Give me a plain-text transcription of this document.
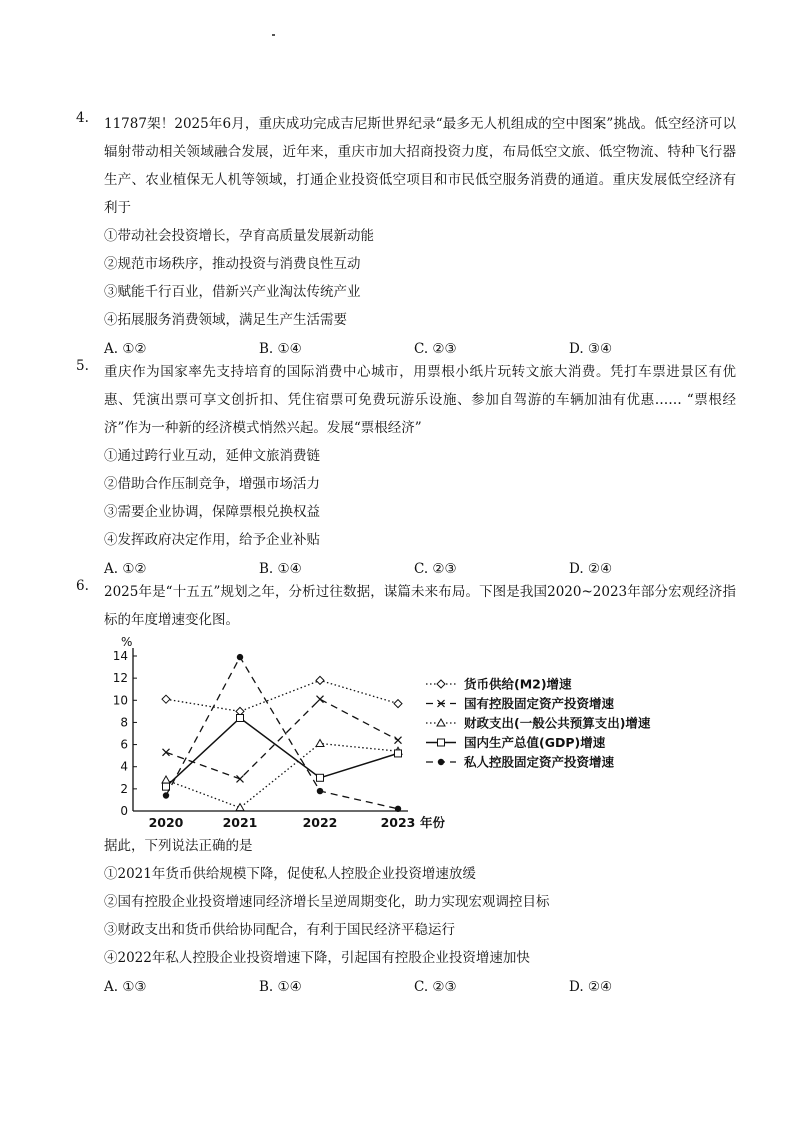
4.	11787架！2025年6月，重庆成功完成吉尼斯世界纪录“最多无人机组成的空中图案”挑战。低空经济可以辐射带动相关领域融合发展，近年来，重庆市加大招商投资力度，布局低空文旅、低空物流、特种飞行器生产、农业植保无人机等领域，打通企业投资低空项目和市民低空服务消费的通道。重庆发展低空经济有利于
①带动社会投资增长，孕育高质量发展新动能
②规范市场秩序，推动投资与消费良性互动
③赋能千行百业，借新兴产业淘汰传统产业
④拓展服务消费领域，满足生产生活需要
A. ①②	B. ①④	C. ②③	D. ③④
5.	重庆作为国家率先支持培育的国际消费中心城市，用票根小纸片玩转文旅大消费。凭打车票进景区有优惠、凭演出票可享文创折扣、凭住宿票可免费玩游乐设施、参加自驾游的车辆加油有优惠…… “票根经济”作为一种新的经济模式悄然兴起。发展“票根经济”
①通过跨行业互动，延伸文旅消费链
②借助合作压制竞争，增强市场活力
③需要企业协调，保障票根兑换权益
④发挥政府决定作用，给予企业补贴
A. ①②	B. ①④	C. ②③	D. ②④
6.	2025年是“十五五”规划之年，分析过往数据，谋篇未来布局。下图是我国2020~2023年部分宏观经济指标的年度增速变化图。
0
2
4
6
8
10
12
14
%
2020	2021	2022	2023 年份
货币供给(M2)增速
国有控股固定资产投资增速
财政支出(一般公共预算支出)增速
国内生产总值(GDP)增速
私人控股固定资产投资增速
据此，下列说法正确的是
①2021年货币供给规模下降，促使私人控股企业投资增速放缓
②国有控股企业投资增速同经济增长呈逆周期变化，助力实现宏观调控目标
③财政支出和货币供给协同配合，有利于国民经济平稳运行
④2022年私人控股企业投资增速下降，引起国有控股企业投资增速加快
A. ①③	B. ①④	C. ②③	D. ②④
